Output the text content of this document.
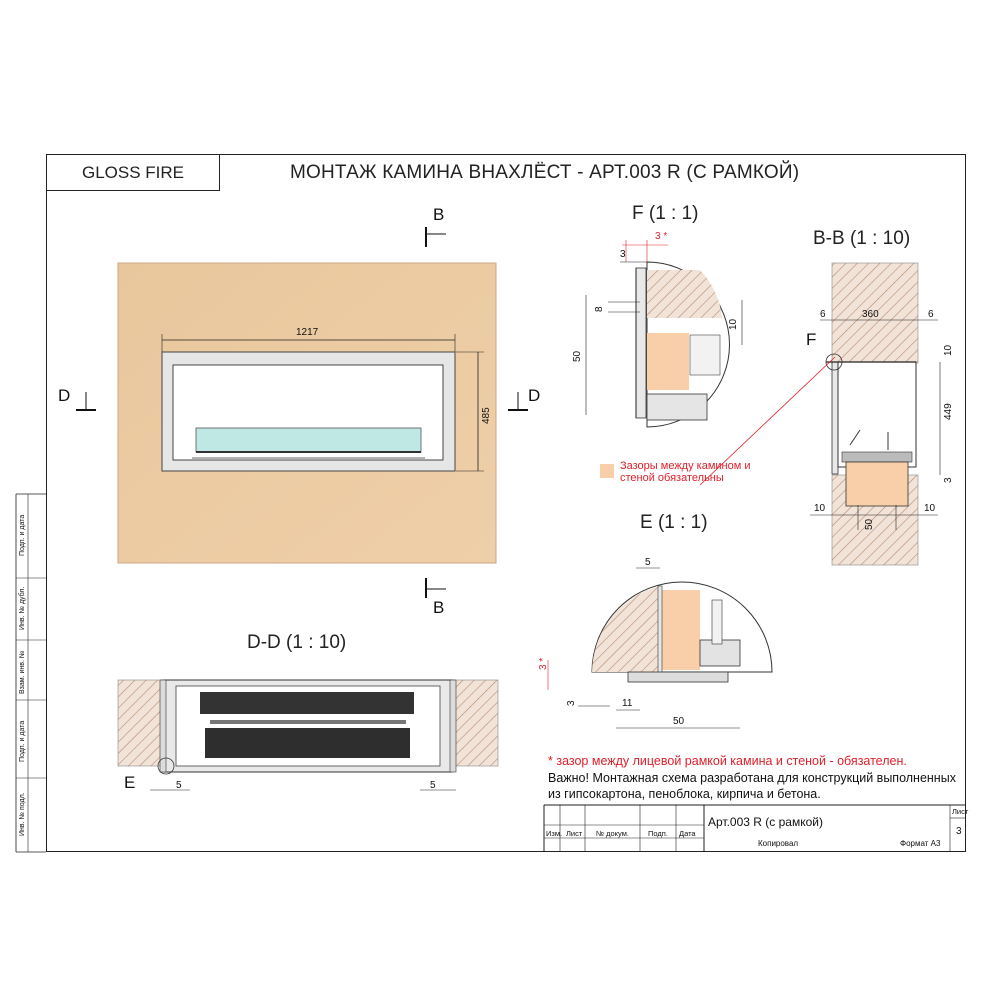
GLOSS FIRE	МОНТАЖ КАМИНА ВНАХЛЁСТ - АРТ.003 R (С РАМКОЙ)
F (1 : 1)
B-B (1 : 10)
E (1 : 1)
D-D (1 : 10)
B
B
D	D
E
F
1217
485
3 *
3
8
50
10
6	360	6
10
449
3
10
50
10
5
3 *
3	11
50
5	5
Зазоры между камином и стеной обязательны
* зазор между лицевой рамкой камина и стеной - обязателен.
Важно! Монтажная схема разработана для конструкций выполненных из гипсокартона, пеноблока, кирпича и бетона.
Арт.003 R (с рамкой)
Лист
3
Изм. Лист № докум.	Подп. Дата
Копировал	Формат А3
Подп. и дата
Инв. № дубл.
Взам. инв. №
Подп. и дата
Инв. № подл.
